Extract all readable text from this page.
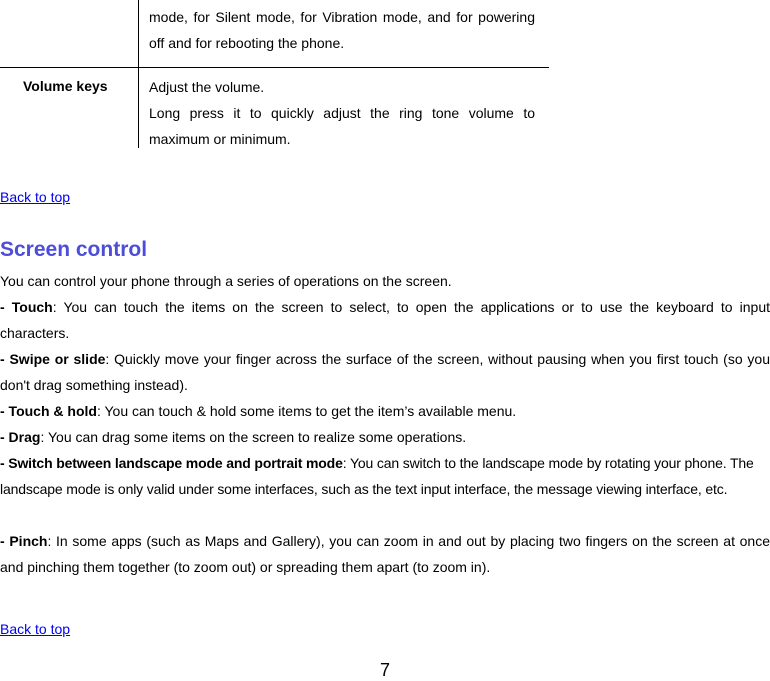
mode, for Silent mode, for Vibration mode, and for powering off and for rebooting the phone.
Volume keys	Adjust the volume.
Long press it to quickly adjust the ring tone volume to maximum or minimum.
Back to top
Screen control
You can control your phone through a series of operations on the screen.
- Touch: You can touch the items on the screen to select, to open the applications or to use the keyboard to input characters.
- Swipe or slide: Quickly move your finger across the surface of the screen, without pausing when you first touch (so you don't drag something instead).
- Touch & hold: You can touch & hold some items to get the item’s available menu.
- Drag: You can drag some items on the screen to realize some operations.
- Switch between landscape mode and portrait mode: You can switch to the landscape mode by rotating your phone. The landscape mode is only valid under some interfaces, such as the text input interface, the message viewing interface, etc.
- Pinch: In some apps (such as Maps and Gallery), you can zoom in and out by placing two fingers on the screen at once and pinching them together (to zoom out) or spreading them apart (to zoom in).
Back to top
7
